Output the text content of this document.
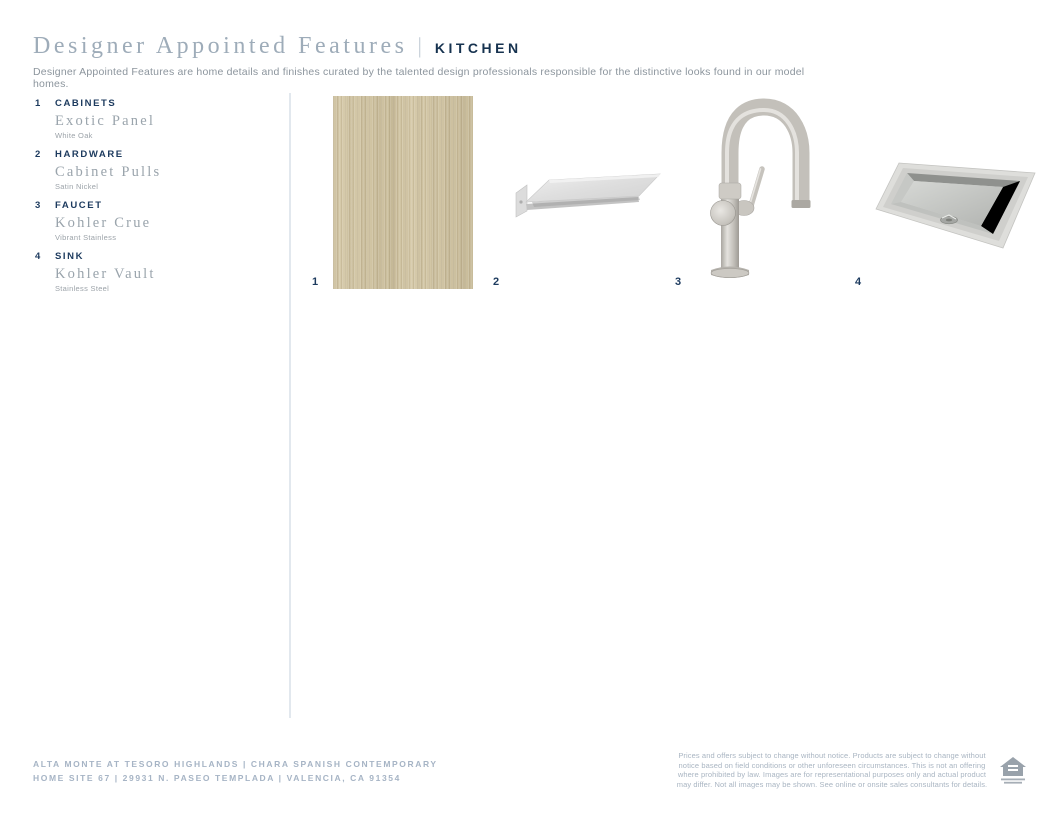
Designer Appointed Features | KITCHEN
Designer Appointed Features are home details and finishes curated by the talented design professionals responsible for the distinctive looks found in our model homes.
1	CABINETS
Exotic Panel
White Oak
2	HARDWARE
Cabinet Pulls
Satin Nickel
3	FAUCET
Kohler Crue
Vibrant Stainless
4	SINK
Kohler Vault
Stainless Steel
1	2	3	4
ALTA MONTE AT TESORO HIGHLANDS | CHARA SPANISH CONTEMPORARY
HOME SITE 67 | 29931 N. PASEO TEMPLADA | VALENCIA, CA 91354
Prices and offers subject to change without notice. Products are subject to change without
notice based on field conditions or other unforeseen circumstances. This is not an offering
where prohibited by law. Images are for representational purposes only and actual product
may differ. Not all images may be shown. See online or onsite sales consultants for details.
